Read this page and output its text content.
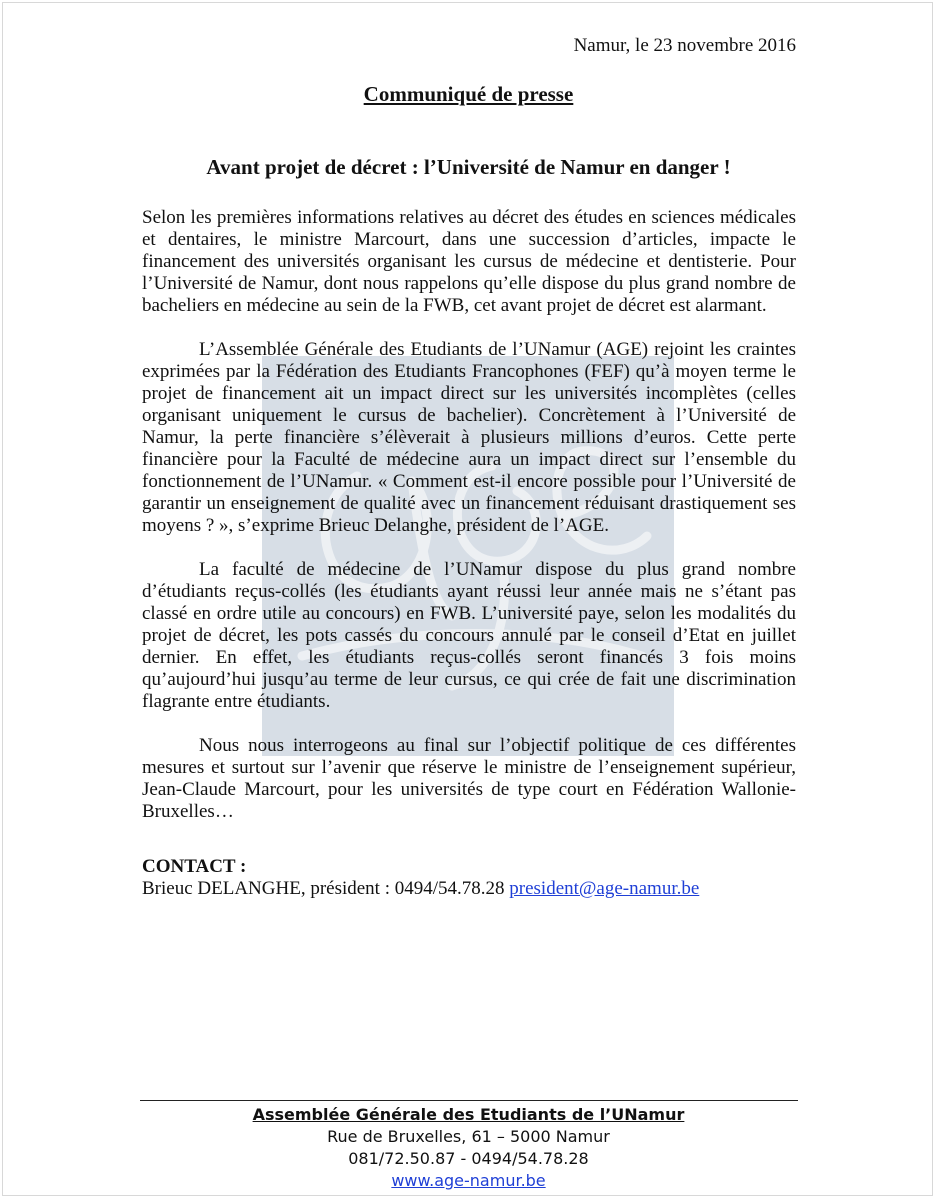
Namur, le 23 novembre 2016
Communiqué de presse
Avant projet de décret : l’Université de Namur en danger !

Selon les premières informations relatives au décret des études en sciences médicales et dentaires, le ministre Marcourt, dans une succession d’articles, impacte le financement des universités organisant les cursus de médecine et dentisterie. Pour l’Université de Namur, dont nous rappelons qu’elle dispose du plus grand nombre de bacheliers en médecine au sein de la FWB, cet avant projet de décret est alarmant.

L’Assemblée Générale des Etudiants de l’UNamur (AGE) rejoint les craintes exprimées par la Fédération des Etudiants Francophones (FEF) qu’à moyen terme le projet de financement ait un impact direct sur les universités incomplètes (celles organisant uniquement le cursus de bachelier). Concrètement à l’Université de Namur, la perte financière s’élèverait à plusieurs millions d’euros. Cette perte financière pour la Faculté de médecine aura un impact direct sur l’ensemble du fonctionnement de l’UNamur. « Comment est-il encore possible pour l’Université de garantir un enseignement de qualité avec un financement réduisant drastiquement ses moyens ? », s’exprime Brieuc Delanghe, président de l’AGE.

La faculté de médecine de l’UNamur dispose du plus grand nombre d’étudiants reçus-collés (les étudiants ayant réussi leur année mais ne s’étant pas classé en ordre utile au concours) en FWB. L’université paye, selon les modalités du projet de décret, les pots cassés du concours annulé par le conseil d’Etat en juillet dernier. En effet, les étudiants reçus-collés seront financés 3 fois moins qu’aujourd’hui jusqu’au terme de leur cursus, ce qui crée de fait une discrimination flagrante entre étudiants.

Nous nous interrogeons au final sur l’objectif politique de ces différentes mesures et surtout sur l’avenir que réserve le ministre de l’enseignement supérieur, Jean-Claude Marcourt, pour les universités de type court en Fédération Wallonie-Bruxelles…

CONTACT :
Brieuc DELANGHE, président : 0494/54.78.28 president@age-namur.be
Assemblée Générale des Etudiants de l’UNamur
Rue de Bruxelles, 61 – 5000 Namur
081/72.50.87 - 0494/54.78.28
www.age-namur.be
